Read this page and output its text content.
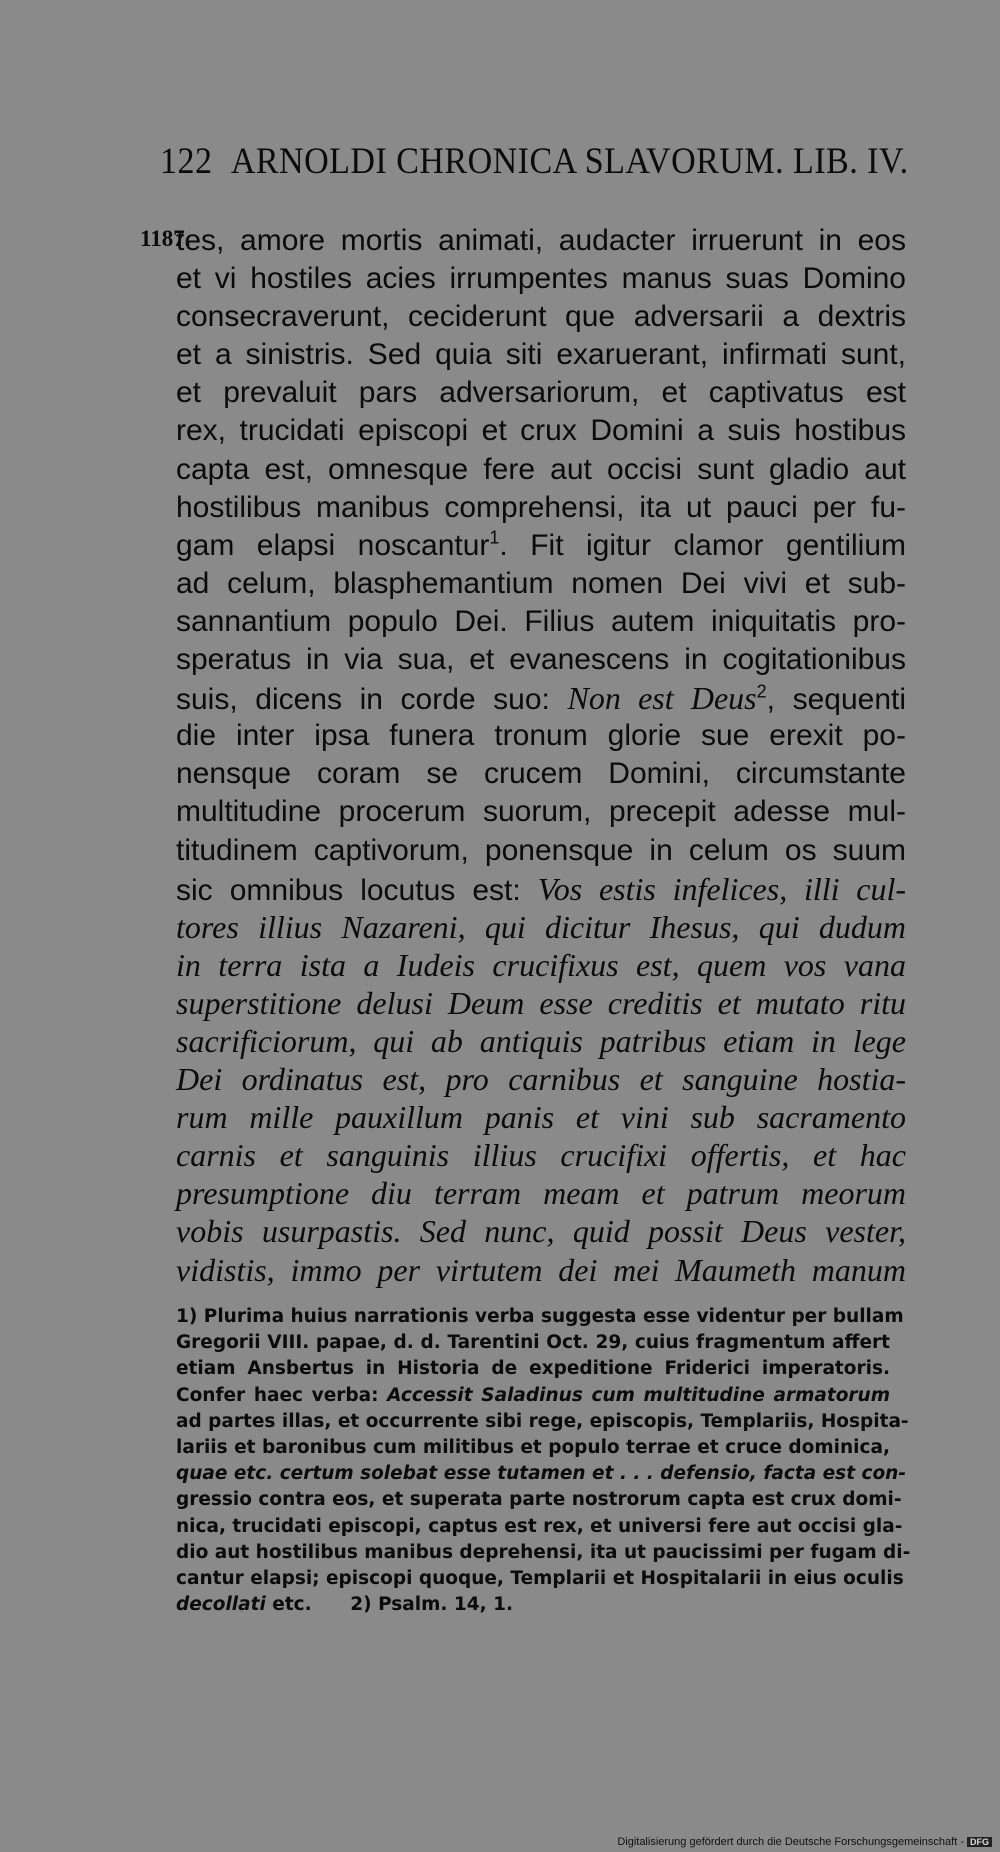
122 ARNOLDI CHRONICA SLAVORUM. LIB. IV.
1187.
tes, amore mortis animati, audacter irruerunt in eos
et vi hostiles acies irrumpentes manus suas Domino
consecraverunt, ceciderunt que adversarii a dextris
et a sinistris. Sed quia siti exaruerant, infirmati sunt,
et prevaluit pars adversariorum, et captivatus est
rex, trucidati episcopi et crux Domini a suis hostibus
capta est, omnesque fere aut occisi sunt gladio aut
hostilibus manibus comprehensi, ita ut pauci per fu-
gam elapsi noscantur$^1$. Fit igitur clamor gentilium
ad celum, blasphemantium nomen Dei vivi et sub-
sannantium populo Dei. Filius autem iniquitatis pro-
speratus in via sua, et evanescens in cogitationibus
suis, dicens in corde suo: Non est Deus$^2$, sequenti
die inter ipsa funera tronum glorie sue erexit po-
nensque coram se crucem Domini, circumstante
multitudine procerum suorum, precepit adesse mul-
titudinem captivorum, ponensque in celum os suum
sic omnibus locutus est: Vos estis infelices, illi cul-
tores illius Nazareni, qui dicitur Ihesus, qui dudum
in terra ista a Iudeis crucifixus est, quem vos vana
superstitione delusi Deum esse creditis et mutato ritu
sacrificiorum, qui ab antiquis patribus etiam in lege
Dei ordinatus est, pro carnibus et sanguine hostia-
rum mille pauxillum panis et vini sub sacramento
carnis et sanguinis illius crucifixi offertis, et hac
presumptione diu terram meam et patrum meorum
vobis usurpastis. Sed nunc, quid possit Deus vester,
vidistis, immo per virtutem dei mei Maumeth manum
1) Plurima huius narrationis verba suggesta esse videntur per bullam
Gregorii VIII. papae, d. d. Tarentini Oct. 29, cuius fragmentum affert
etiam Ansbertus in Historia de expeditione Friderici imperatoris.
Confer haec verba: Accessit Saladinus cum multitudine armatorum
ad partes illas, et occurrente sibi rege, episcopis, Templariis, Hospita-
lariis et baronibus cum militibus et populo terrae et cruce dominica,
quae etc. certum solebat esse tutamen et . . . defensio, facta est con-
gressio contra eos, et superata parte nostrorum capta est crux domi-
nica, trucidati episcopi, captus est rex, et universi fere aut occisi gla-
dio aut hostilibus manibus deprehensi, ita ut paucissimi per fugam di-
cantur elapsi; episcopi quoque, Templarii et Hospitalarii in eius oculis
decollati etc.      2) Psalm. 14, 1.
Digitalisierung gefördert durch die Deutsche Forschungsgemeinschaft - DFG
